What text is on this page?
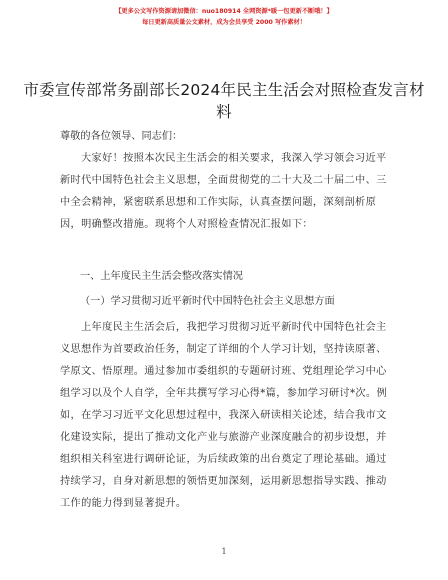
【更多公文写作资源请加微信：nuo180914 全网资源*暖一包更新不断哦！】
每日更新高质量公文素材，成为会员享受 2000 写作素材！
市委宣传部常务副部长2024年民主生活会对照检查发言材料
尊敬的各位领导、同志们：
大家好！按照本次民主生活会的相关要求，我深入学习领会习近平新时代中国特色社会主义思想，全面贯彻党的二十大及二十届二中、三中全会精神，紧密联系思想和工作实际，认真查摆问题，深刻剖析原因，明确整改措施。现将个人对照检查情况汇报如下：
一、上年度民主生活会整改落实情况
（一）学习贯彻习近平新时代中国特色社会主义思想方面
上年度民主生活会后，我把学习贯彻习近平新时代中国特色社会主义思想作为首要政治任务，制定了详细的个人学习计划，坚持读原著、学原文、悟原理。通过参加市委组织的专题研讨班、党组理论学习中心组学习以及个人自学，全年共撰写学习心得*篇，参加学习研讨*次。例如，在学习习近平文化思想过程中，我深入研读相关论述，结合我市文化建设实际，提出了推动文化产业与旅游产业深度融合的初步设想，并组织相关科室进行调研论证，为后续政策的出台奠定了理论基础。通过持续学习，自身对新思想的领悟更加深刻，运用新思想指导实践、推动工作的能力得到显著提升。
1
